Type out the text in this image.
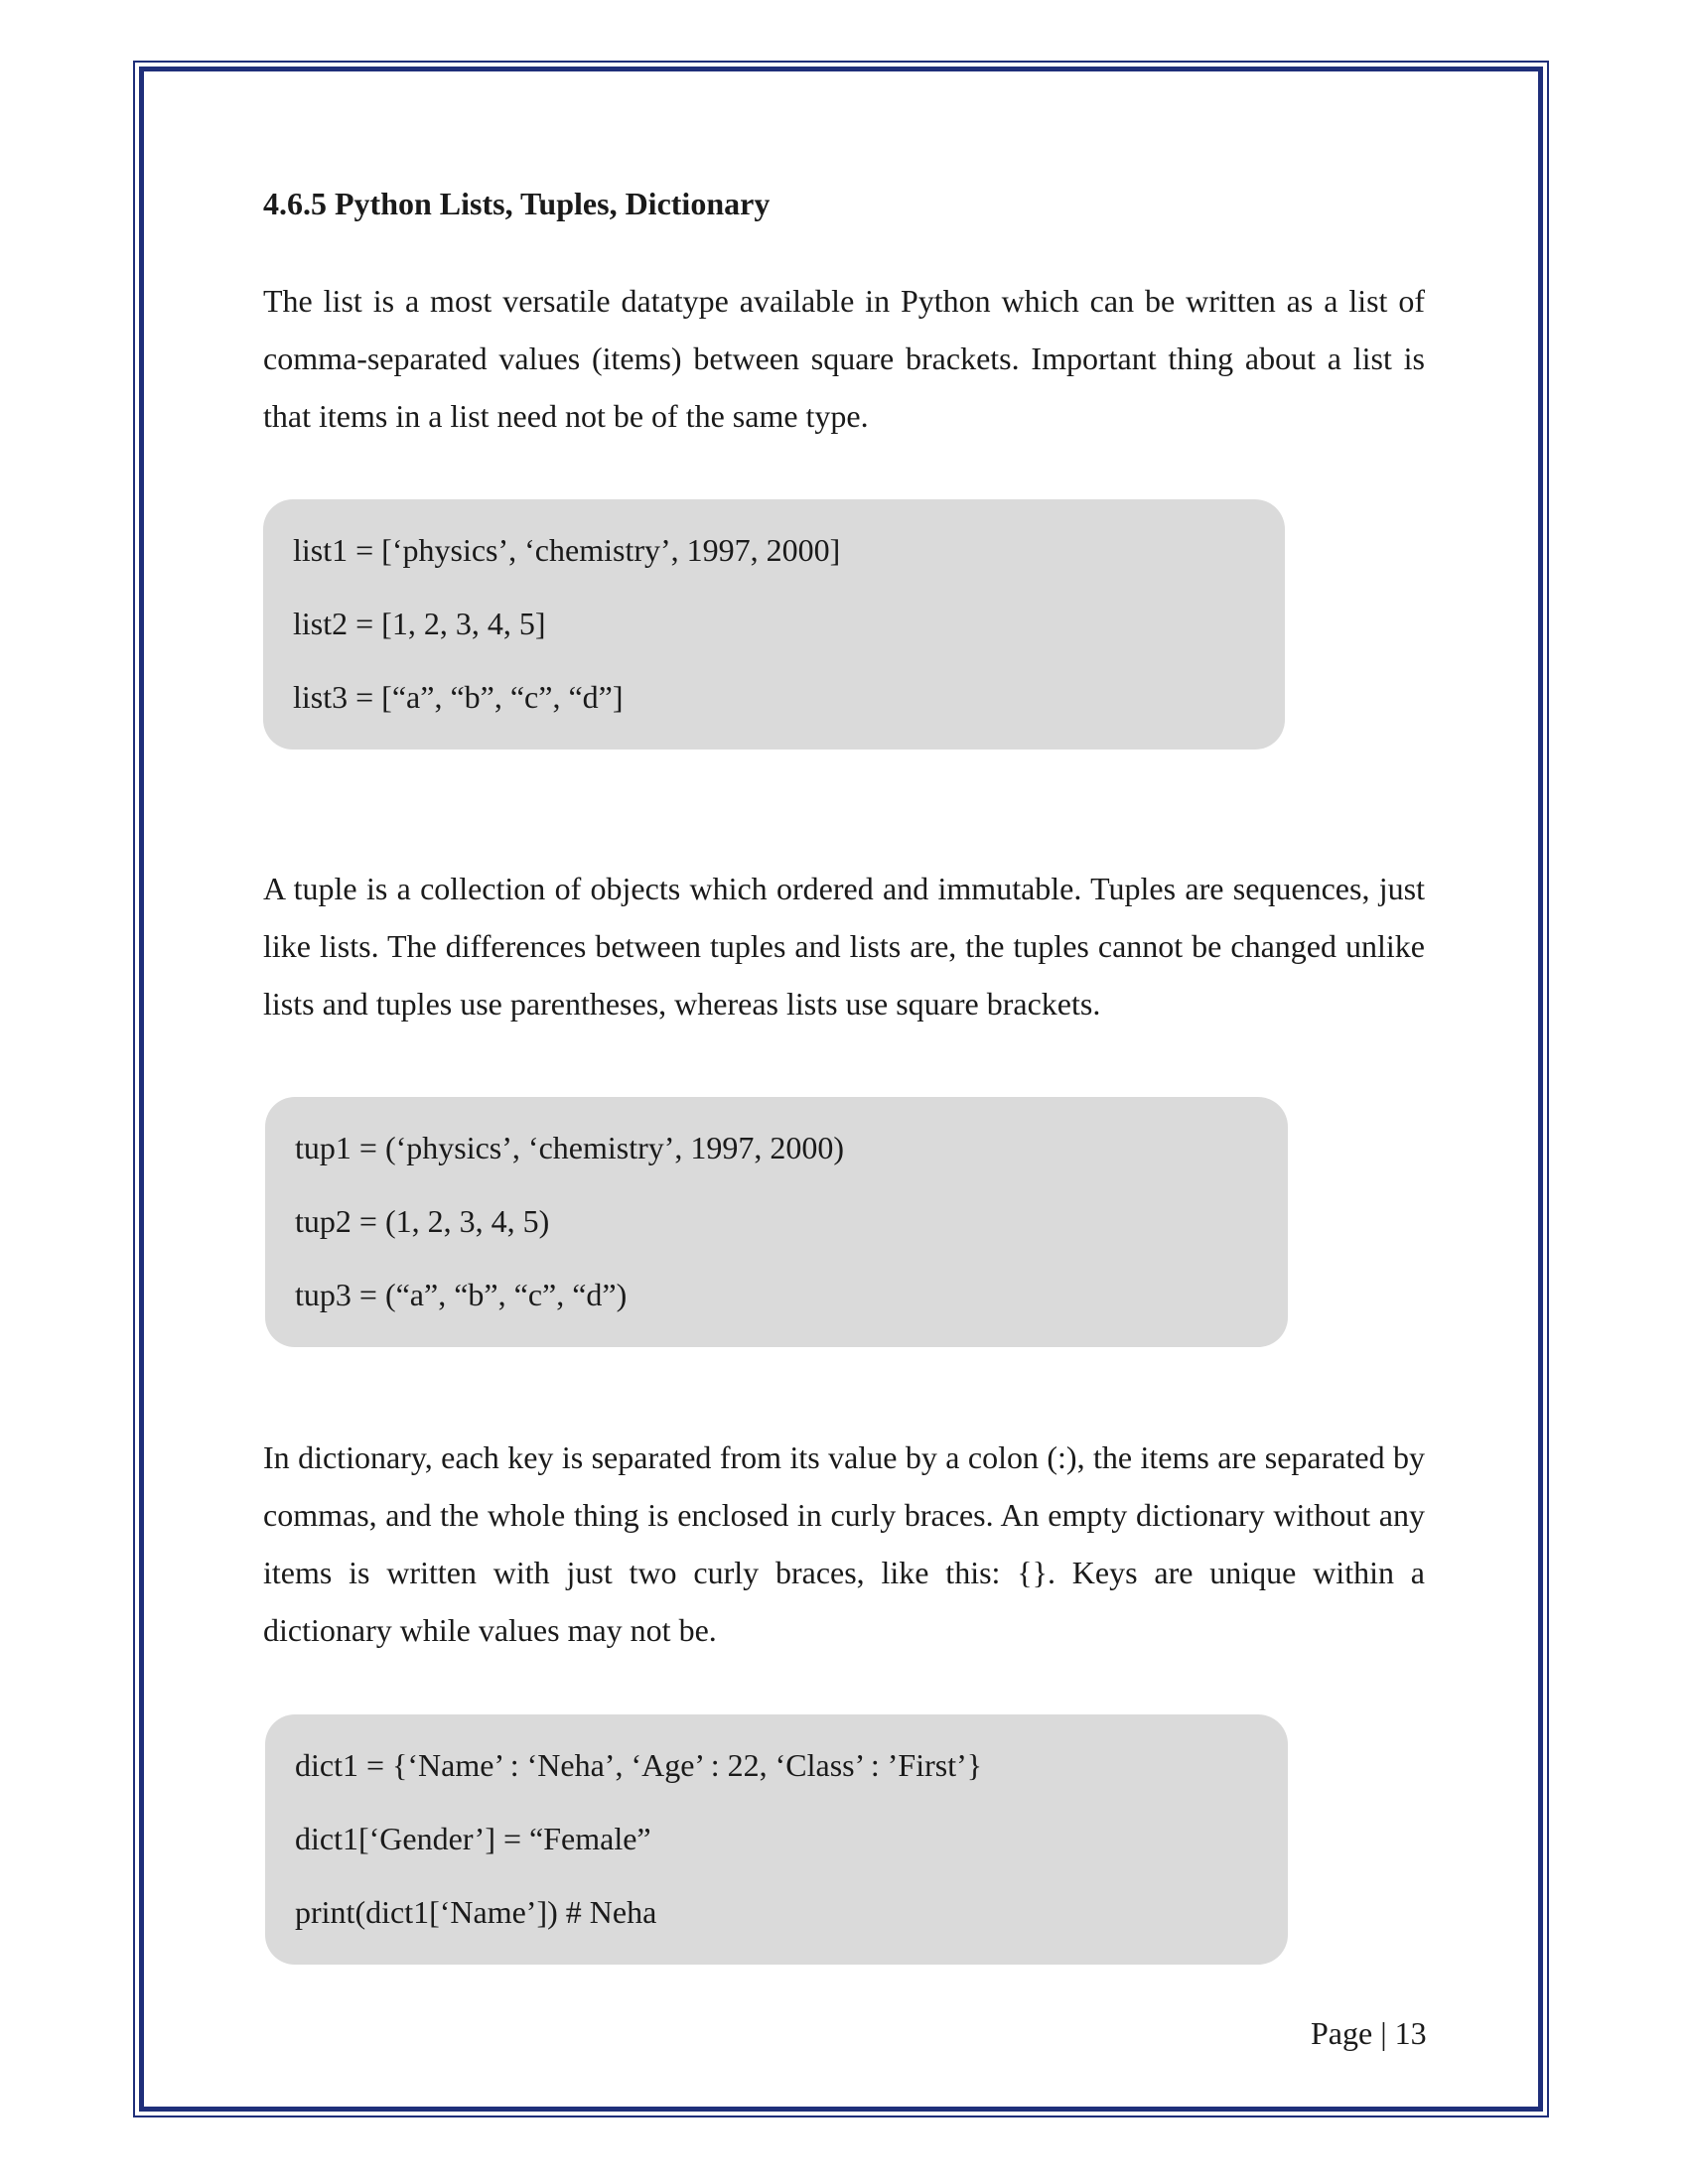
4.6.5 Python Lists, Tuples, Dictionary

The list is a most versatile datatype available in Python which can be written as a list of comma-separated values (items) between square brackets. Important thing about a list is that items in a list need not be of the same type.

list1 = [‘physics’, ‘chemistry’, 1997, 2000]
list2 = [1, 2, 3, 4, 5]
list3 = [“a”, “b”, “c”, “d”]

A tuple is a collection of objects which ordered and immutable. Tuples are sequences, just like lists. The differences between tuples and lists are, the tuples cannot be changed unlike lists and tuples use parentheses, whereas lists use square brackets.

tup1 = (‘physics’, ‘chemistry’, 1997, 2000)
tup2 = (1, 2, 3, 4, 5)
tup3 = (“a”, “b”, “c”, “d”)

In dictionary, each key is separated from its value by a colon (:), the items are separated by commas, and the whole thing is enclosed in curly braces. An empty dictionary without any items is written with just two curly braces, like this: {}. Keys are unique within a dictionary while values may not be.

dict1 = {‘Name’ : ‘Neha’, ‘Age’ : 22, ‘Class’ : ’First’}
dict1[‘Gender’] = “Female”
print(dict1[‘Name’]) # Neha
Page | 13
